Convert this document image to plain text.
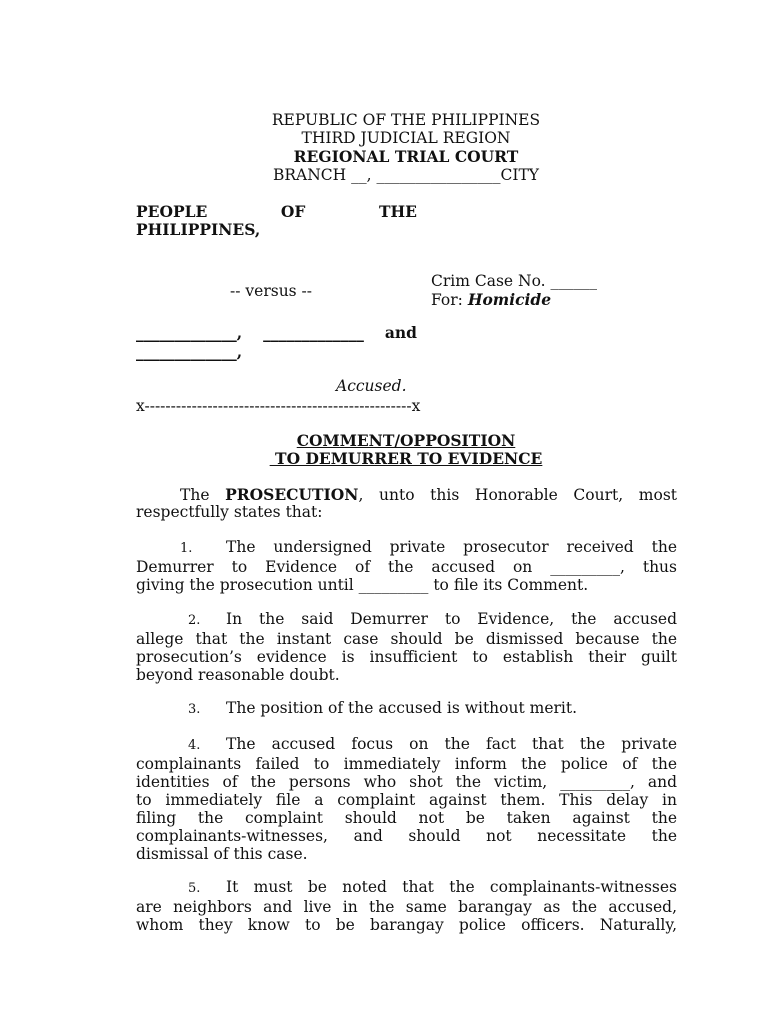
REPUBLIC OF THE PHILIPPINES

THIRD JUDICIAL REGION

REGIONAL TRIAL COURT

BRANCH __, ________________CITY

PEOPLE	OF	THE

PHILIPPINES,

-- versus --

Crim Case No. ______

For: Homicide

_____________, _____________ and

_____________,

Accused.

x---------------------------------------------------x

COMMENT/OPPOSITION

TO DEMURRER TO EVIDENCE

The PROSECUTION, unto this Honorable Court, most

respectfully states that:

1. The undersigned private prosecutor received the
Demurrer to Evidence of the accused on _________, thus
giving the prosecution until _________ to file its Comment.
2. In the said Demurrer to Evidence, the accused
allege that the instant case should be dismissed because the
prosecution’s evidence is insufficient to establish their guilt
beyond reasonable doubt.
3. The position of the accused is without merit.
4. The accused focus on the fact that the private
complainants failed to immediately inform the police of the
identities of the persons who shot the victim, _________, and
to immediately file a complaint against them. This delay in
filing the complaint should not be taken against the
complainants-witnesses, and should not necessitate the
dismissal of this case.
5. It must be noted that the complainants-witnesses
are neighbors and live in the same barangay as the accused,
whom they know to be barangay police officers. Naturally,
